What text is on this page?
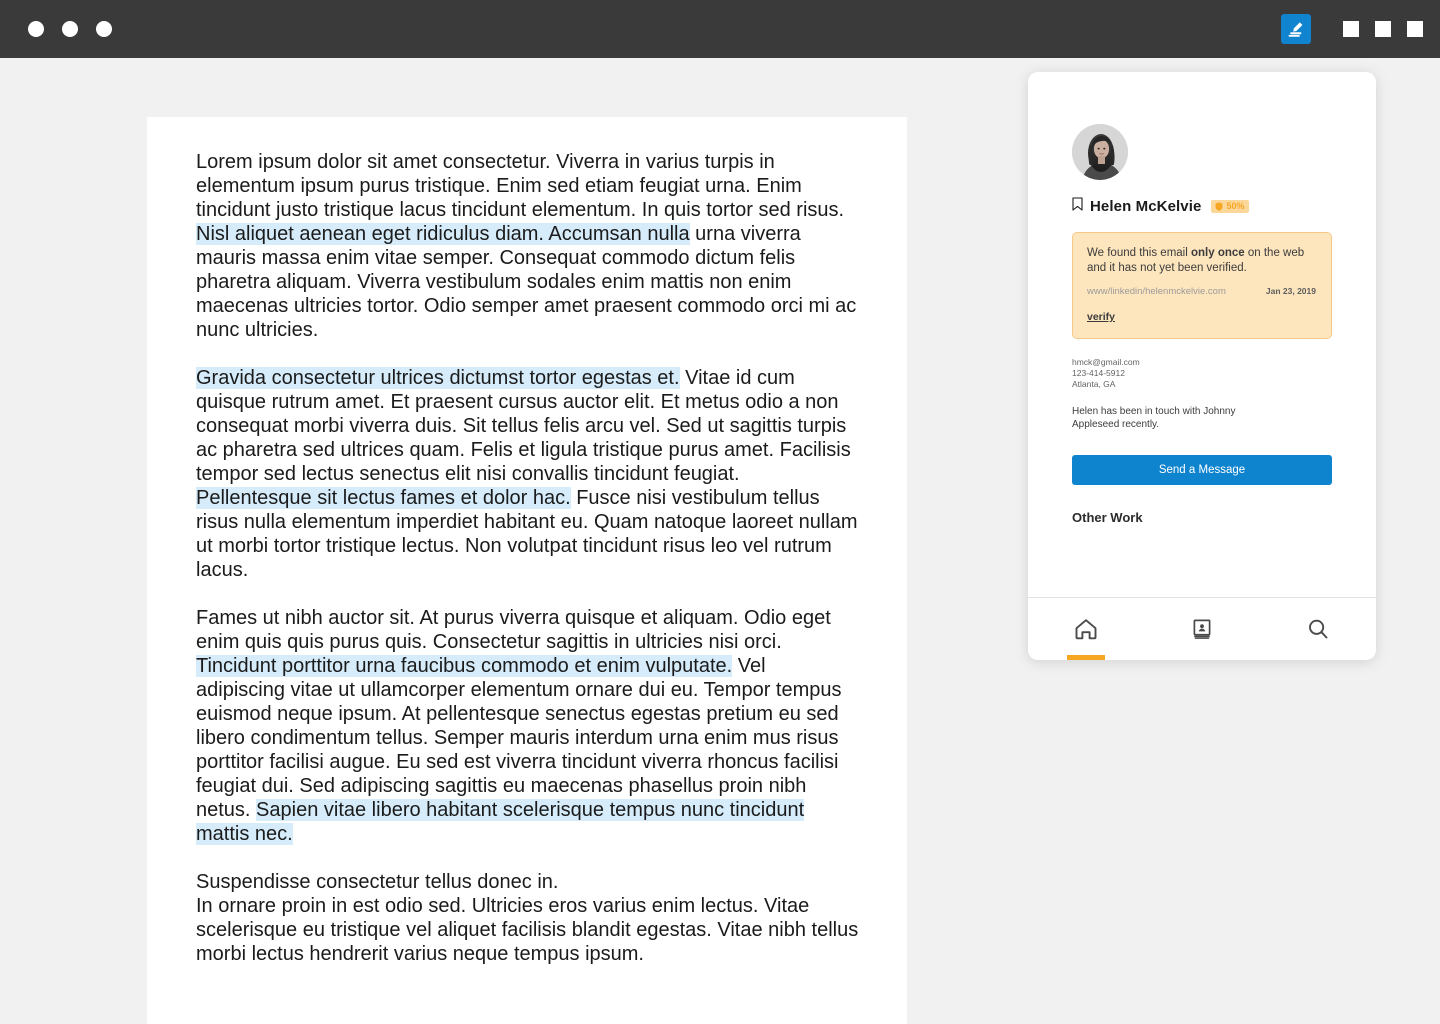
Lorem ipsum dolor sit amet consectetur. Viverra in varius turpis in elementum ipsum purus tristique. Enim sed etiam feugiat urna. Enim tincidunt justo tristique lacus tincidunt elementum. In quis tortor sed risus. Nisl aliquet aenean eget ridiculus diam. Accumsan nulla urna viverra mauris massa enim vitae semper. Consequat commodo dictum felis pharetra aliquam. Viverra vestibulum sodales enim mattis non enim maecenas ultricies tortor. Odio semper amet praesent commodo orci mi ac nunc ultricies.

Gravida consectetur ultrices dictumst tortor egestas et. Vitae id cum quisque rutrum amet. Et praesent cursus auctor elit. Et metus odio a non consequat morbi viverra duis. Sit tellus felis arcu vel. Sed ut sagittis turpis ac pharetra sed ultrices quam. Felis et ligula tristique purus amet. Facilisis tempor sed lectus senectus elit nisi convallis tincidunt feugiat. Pellentesque sit lectus fames et dolor hac. Fusce nisi vestibulum tellus risus nulla elementum imperdiet habitant eu. Quam natoque laoreet nullam ut morbi tortor tristique lectus. Non volutpat tincidunt risus leo vel rutrum lacus.

Fames ut nibh auctor sit. At purus viverra quisque et aliquam. Odio eget enim quis quis purus quis. Consectetur sagittis in ultricies nisi orci. Tincidunt porttitor urna faucibus commodo et enim vulputate. Vel adipiscing vitae ut ullamcorper elementum ornare dui eu. Tempor tempus euismod neque ipsum. At pellentesque senectus egestas pretium eu sed libero condimentum tellus. Semper mauris interdum urna enim mus risus porttitor facilisi augue. Eu sed est viverra tincidunt viverra rhoncus facilisi feugiat dui. Sed adipiscing sagittis eu maecenas phasellus proin nibh netus. Sapien vitae libero habitant scelerisque tempus nunc tincidunt mattis nec.

Suspendisse consectetur tellus donec in.
In ornare proin in est odio sed. Ultricies eros varius enim lectus. Vitae scelerisque eu tristique vel aliquet facilisis blandit egestas. Vitae nibh tellus morbi lectus hendrerit varius neque tempus ipsum.

Helen McKelvie	50%
We found this email only once on the web and it has not yet been verified.
www/linkedin/helenmckelvie.com	Jan 23, 2019
verify
hmck@gmail.com
123-414-5912
Atlanta, GA
Helen has been in touch with Johnny Appleseed recently.
Send a Message
Other Work
